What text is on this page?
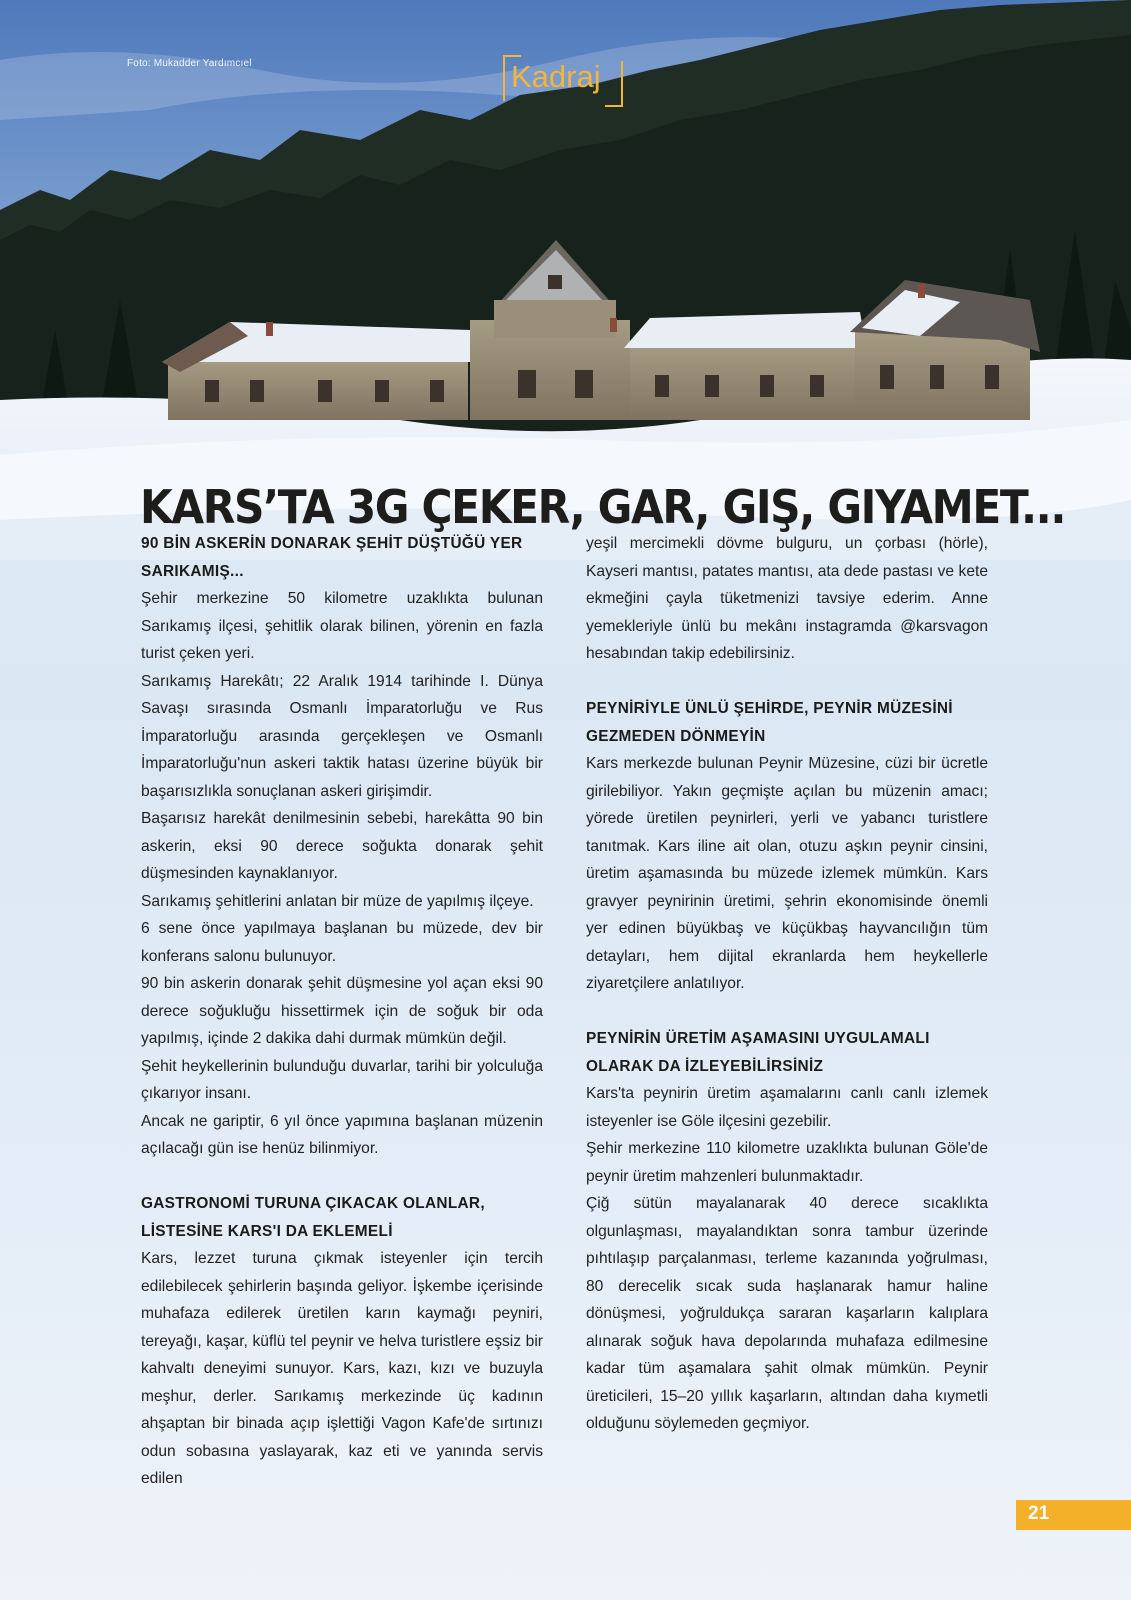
Foto: Mukadder Yardımcıel	Kadraj
KARS’TA 3G ÇEKER, GAR, GIŞ, GIYAMET...
90 BİN ASKERİN DONARAK ŞEHİT DÜŞTÜĞÜ YER SARIKAMIŞ...

Şehir merkezine 50 kilometre uzaklıkta bulunan Sarıkamış ilçesi, şehitlik olarak bilinen, yörenin en fazla turist çeken yeri.

Sarıkamış Harekâtı; 22 Aralık 1914 tarihinde I. Dünya Savaşı sırasında Osmanlı İmparatorluğu ve Rus İmparatorluğu arasında gerçekleşen ve Osmanlı İmparatorluğu'nun askeri taktik hatası üzerine büyük bir başarısızlıkla sonuçlanan askeri girişimdir.

Başarısız harekât denilmesinin sebebi, harekâtta 90 bin askerin, eksi 90 derece soğukta donarak şehit düşmesinden kaynaklanıyor.

Sarıkamış şehitlerini anlatan bir müze de yapılmış ilçeye.

6 sene önce yapılmaya başlanan bu müzede, dev bir konferans salonu bulunuyor.

90 bin askerin donarak şehit düşmesine yol açan eksi 90 derece soğukluğu hissettirmek için de soğuk bir oda yapılmış, içinde 2 dakika dahi durmak mümkün değil.

Şehit heykellerinin bulunduğu duvarlar, tarihi bir yolculuğa çıkarıyor insanı.

Ancak ne gariptir, 6 yıl önce yapımına başlanan müzenin açılacağı gün ise henüz bilinmiyor.

GASTRONOMİ TURUNA ÇIKACAK OLANLAR, LİSTESİNE KARS'I DA EKLEMELİ

Kars, lezzet turuna çıkmak isteyenler için tercih edilebilecek şehirlerin başında geliyor. İşkembe içerisinde muhafaza edilerek üretilen karın kaymağı peyniri, tereyağı, kaşar, küflü tel peynir ve helva turistlere eşsiz bir kahvaltı deneyimi sunuyor. Kars, kazı, kızı ve buzuyla meşhur, derler. Sarıkamış merkezinde üç kadının ahşaptan bir binada açıp işlettiği Vagon Kafe'de sırtınızı odun sobasına yaslayarak, kaz eti ve yanında servis edilen

yeşil mercimekli dövme bulguru, un çorbası (hörle), Kayseri mantısı, patates mantısı, ata dede pastası ve kete ekmeğini çayla tüketmenizi tavsiye ederim. Anne yemekleriyle ünlü bu mekânı instagramda @karsvagon hesabından takip edebilirsiniz.

PEYNİRİYLE ÜNLÜ ŞEHİRDE, PEYNİR MÜZESİNİ GEZMEDEN DÖNMEYİN

Kars merkezde bulunan Peynir Müzesine, cüzi bir ücretle girilebiliyor. Yakın geçmişte açılan bu müzenin amacı; yörede üretilen peynirleri, yerli ve yabancı turistlere tanıtmak. Kars iline ait olan, otuzu aşkın peynir cinsini, üretim aşamasında bu müzede izlemek mümkün. Kars gravyer peynirinin üretimi, şehrin ekonomisinde önemli yer edinen büyükbaş ve küçükbaş hayvancılığın tüm detayları, hem dijital ekranlarda hem heykellerle ziyaretçilere anlatılıyor.

PEYNİRİN ÜRETİM AŞAMASINI UYGULAMALI OLARAK DA İZLEYEBİLİRSİNİZ

Kars'ta peynirin üretim aşamalarını canlı canlı izlemek isteyenler ise Göle ilçesini gezebilir.

Şehir merkezine 110 kilometre uzaklıkta bulunan Göle'de peynir üretim mahzenleri bulunmaktadır.

Çiğ sütün mayalanarak 40 derece sıcaklıkta olgunlaşması, mayalandıktan sonra tambur üzerinde pıhtılaşıp parçalanması, terleme kazanında yoğrulması, 80 derecelik sıcak suda haşlanarak hamur haline dönüşmesi, yoğruldukça sararan kaşarların kalıplara alınarak soğuk hava depolarında muhafaza edilmesine kadar tüm aşamalara şahit olmak mümkün. Peynir üreticileri, 15–20 yıllık kaşarların, altından daha kıymetli olduğunu söylemeden geçmiyor.

21
